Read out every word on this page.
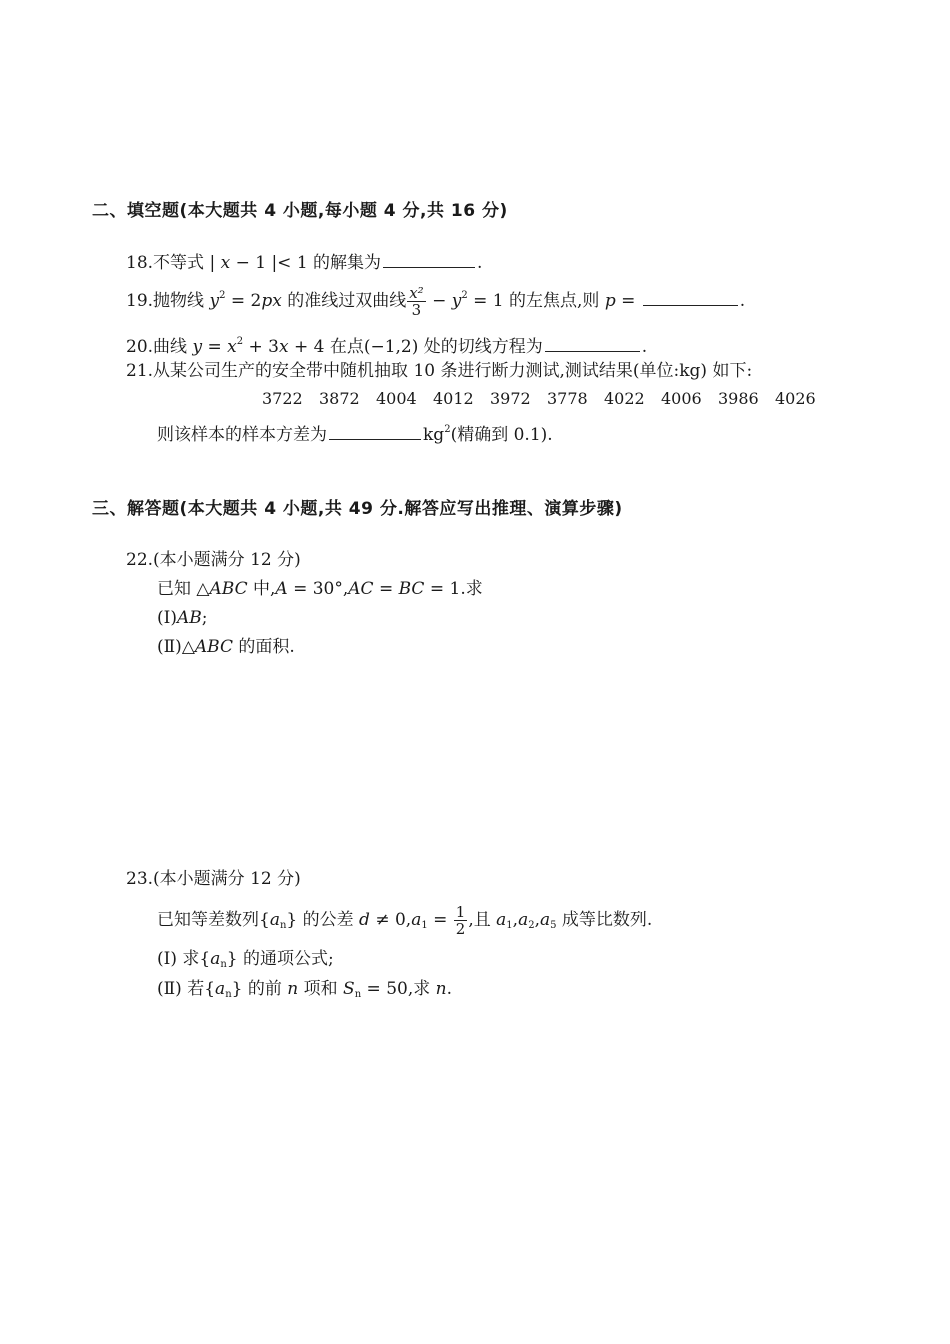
二、填空题(本大题共 4 小题,每小题 4 分,共 16 分)
18.不等式 | x − 1 |< 1 的解集为	.
19.抛物线 $y^2 = 2px$ 的准线过双曲线 $\frac{\text{x²}}{3} - y^2 = 1$ 的左焦点,则 p =	.
20.曲线 $y = x^2 + 3x + 4$ 在点(−1,2) 处的切线方程为	.
21.从某公司生产的安全带中随机抽取 10 条进行断力测试,测试结果(单位:kg) 如下:
3722 3872 4004 4012 3972 3778 4022 4006 3986 4026
则该样本的样本方差为	$kg^2$(精确到 0.1).
三、解答题(本大题共 4 小题,共 49 分.解答应写出推理、演算步骤)
22.(本小题满分 12 分)
已知 △ABC 中,A = 30°,AC = BC = 1.求
(Ⅰ)AB;
(Ⅱ)△ABC 的面积.
23.(本小题满分 12 分)
已知等差数列$\{a_n\}$ 的公差 $d \ne 0,a_1 = \frac{1}{2}$ ,且 $a_1,a_2,a_5$ 成等比数列.
(Ⅰ) 求$\{a_n\}$ 的通项公式;
(Ⅱ) 若$\{a_n\}$ 的前 n 项和 $S_n = 50$,求 n.
